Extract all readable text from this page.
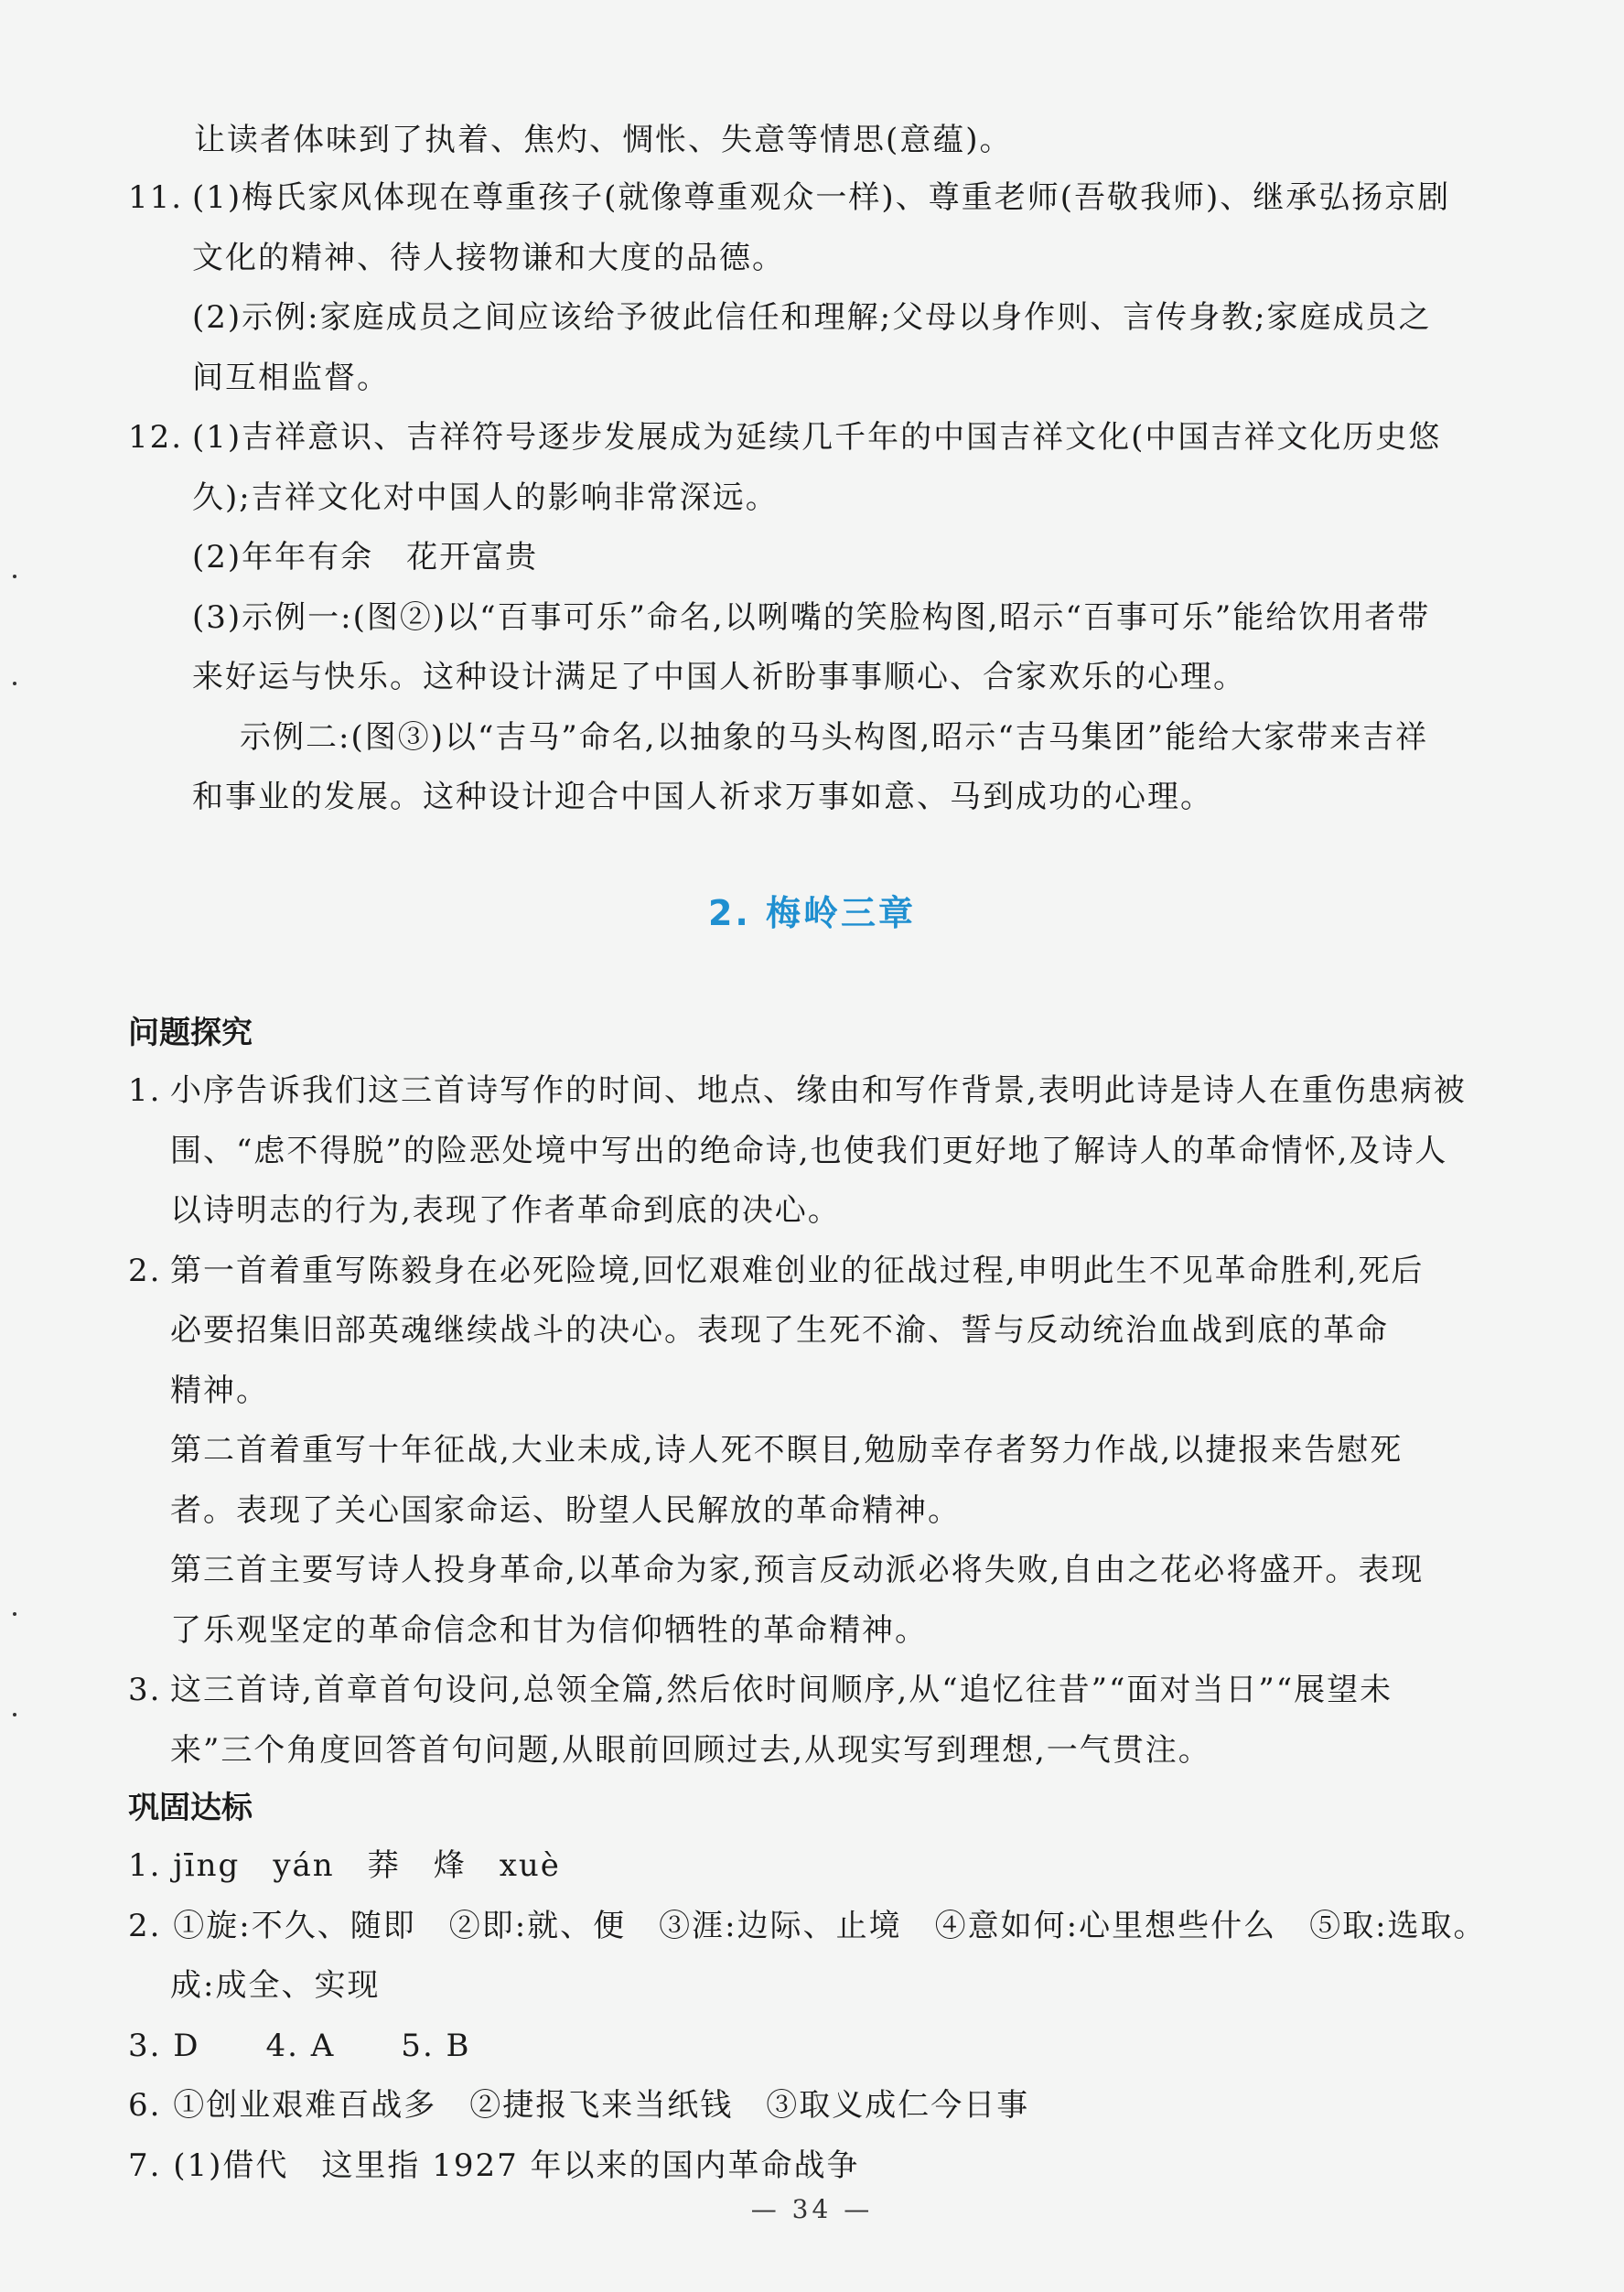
让读者体味到了执着、焦灼、惆怅、失意等情思(意蕴)。
11. (1)梅氏家风体现在尊重孩子(就像尊重观众一样)、尊重老师(吾敬我师)、继承弘扬京剧
文化的精神、待人接物谦和大度的品德。
(2)示例:家庭成员之间应该给予彼此信任和理解;父母以身作则、言传身教;家庭成员之
间互相监督。
12. (1)吉祥意识、吉祥符号逐步发展成为延续几千年的中国吉祥文化(中国吉祥文化历史悠
久);吉祥文化对中国人的影响非常深远。
(2)年年有余　花开富贵
(3)示例一:(图②)以“百事可乐”命名,以咧嘴的笑脸构图,昭示“百事可乐”能给饮用者带
来好运与快乐。这种设计满足了中国人祈盼事事顺心、合家欢乐的心理。
示例二:(图③)以“吉马”命名,以抽象的马头构图,昭示“吉马集团”能给大家带来吉祥
和事业的发展。这种设计迎合中国人祈求万事如意、马到成功的心理。
2. 梅岭三章
问题探究
1. 小序告诉我们这三首诗写作的时间、地点、缘由和写作背景,表明此诗是诗人在重伤患病被
围、“虑不得脱”的险恶处境中写出的绝命诗,也使我们更好地了解诗人的革命情怀,及诗人
以诗明志的行为,表现了作者革命到底的决心。
2. 第一首着重写陈毅身在必死险境,回忆艰难创业的征战过程,申明此生不见革命胜利,死后
必要招集旧部英魂继续战斗的决心。表现了生死不渝、誓与反动统治血战到底的革命
精神。
第二首着重写十年征战,大业未成,诗人死不瞑目,勉励幸存者努力作战,以捷报来告慰死
者。表现了关心国家命运、盼望人民解放的革命精神。
第三首主要写诗人投身革命,以革命为家,预言反动派必将失败,自由之花必将盛开。表现
了乐观坚定的革命信念和甘为信仰牺牲的革命精神。
3. 这三首诗,首章首句设问,总领全篇,然后依时间顺序,从“追忆往昔”“面对当日”“展望未
来”三个角度回答首句问题,从眼前回顾过去,从现实写到理想,一气贯注。
巩固达标
1. jīng　yán　莽　烽　xuè
2. ①旋:不久、随即　②即:就、便　③涯:边际、止境　④意如何:心里想些什么　⑤取:选取。
成:成全、实现
3. D　　4. A　　5. B
6. ①创业艰难百战多　②捷报飞来当纸钱　③取义成仁今日事
7. (1)借代　这里指 1927 年以来的国内革命战争
— 34 —
